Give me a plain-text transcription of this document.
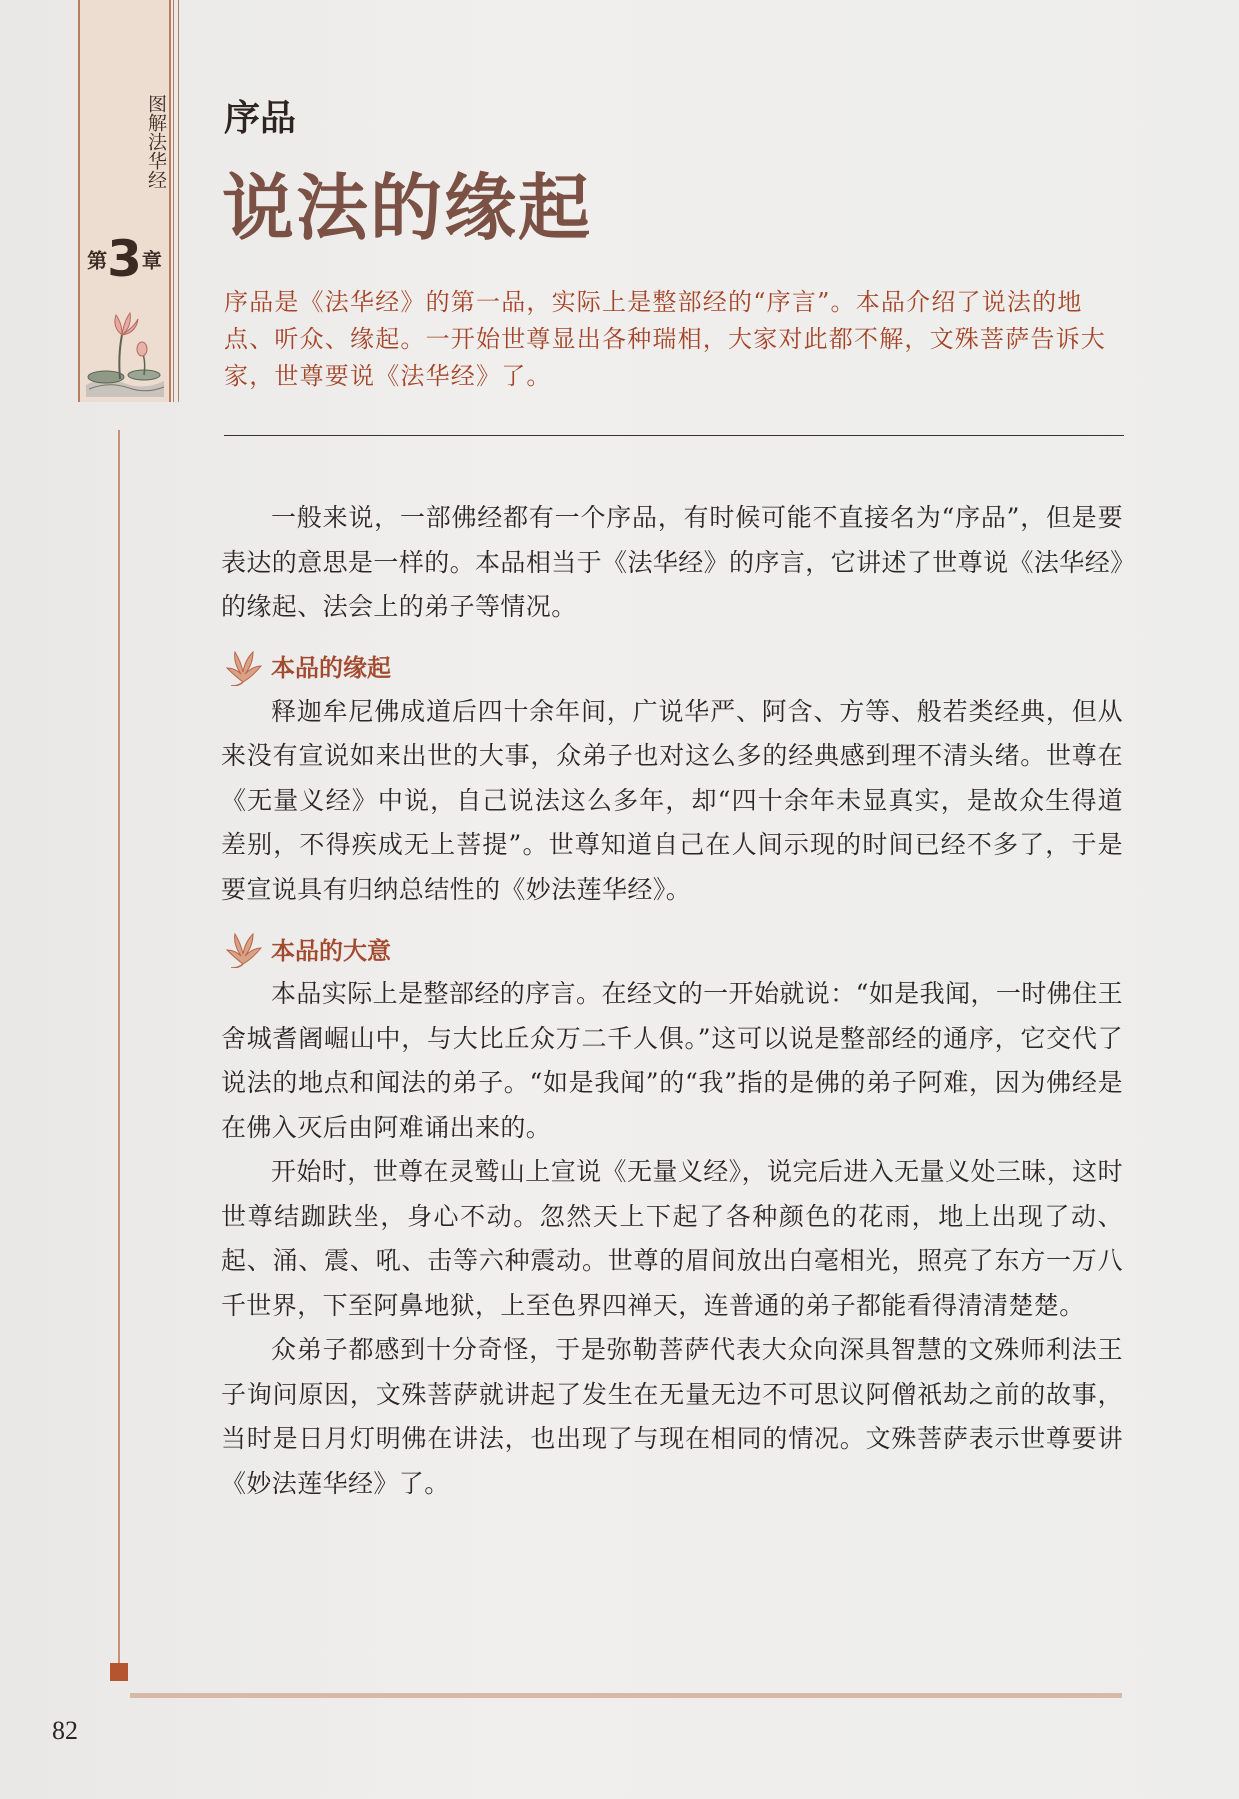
图解法华经
第3章
82
序品
说法的缘起
序品是《法华经》的第一品，实际上是整部经的“序言”。本品介绍了说法的地点、听众、缘起。一开始世尊显出各种瑞相，大家对此都不解，文殊菩萨告诉大家，世尊要说《法华经》了。

一般来说，一部佛经都有一个序品，有时候可能不直接名为“序品”，但是要表达的意思是一样的。本品相当于《法华经》的序言，它讲述了世尊说《法华经》的缘起、法会上的弟子等情况。

本品的缘起

释迦牟尼佛成道后四十余年间，广说华严、阿含、方等、般若类经典，但从来没有宣说如来出世的大事，众弟子也对这么多的经典感到理不清头绪。世尊在《无量义经》中说，自己说法这么多年，却“四十余年未显真实，是故众生得道差别，不得疾成无上菩提”。世尊知道自己在人间示现的时间已经不多了，于是要宣说具有归纳总结性的《妙法莲华经》。

本品的大意

本品实际上是整部经的序言。在经文的一开始就说：“如是我闻，一时佛住王舍城耆阇崛山中，与大比丘众万二千人俱。”这可以说是整部经的通序，它交代了说法的地点和闻法的弟子。“如是我闻”的“我”指的是佛的弟子阿难，因为佛经是在佛入灭后由阿难诵出来的。

开始时，世尊在灵鹫山上宣说《无量义经》，说完后进入无量义处三昧，这时世尊结跏趺坐，身心不动。忽然天上下起了各种颜色的花雨，地上出现了动、起、涌、震、吼、击等六种震动。世尊的眉间放出白毫相光，照亮了东方一万八千世界，下至阿鼻地狱，上至色界四禅天，连普通的弟子都能看得清清楚楚。

众弟子都感到十分奇怪，于是弥勒菩萨代表大众向深具智慧的文殊师利法王子询问原因，文殊菩萨就讲起了发生在无量无边不可思议阿僧祇劫之前的故事，当时是日月灯明佛在讲法，也出现了与现在相同的情况。文殊菩萨表示世尊要讲《妙法莲华经》了。
